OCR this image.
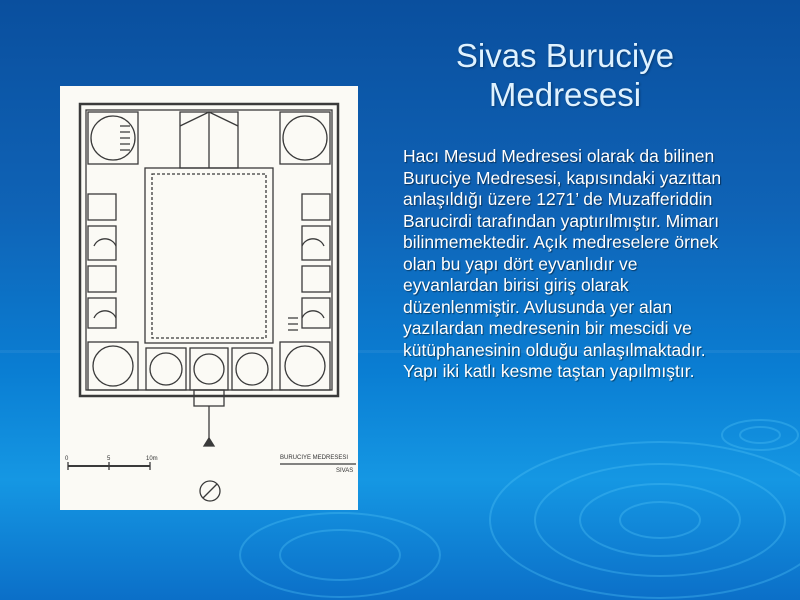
Sivas Buruciye
Medresesi
Hacı Mesud Medresesi olarak da bilinen Buruciye Medresesi, kapısındaki yazıttan anlaşıldığı üzere 1271’ de Muzafferiddin Barucirdi tarafından yaptırılmıştır. Mimarı bilinmemektedir. Açık medreselere örnek olan bu yapı dört eyvanlıdır ve eyvanlardan birisi giriş olarak düzenlenmiştir. Avlusunda yer alan yazılardan medresenin bir mescidi ve kütüphanesinin olduğu anlaşılmaktadır. Yapı iki katlı kesme taştan yapılmıştır.
0	5	10m	BURUCIYE MEDRESESI
SIVAS
